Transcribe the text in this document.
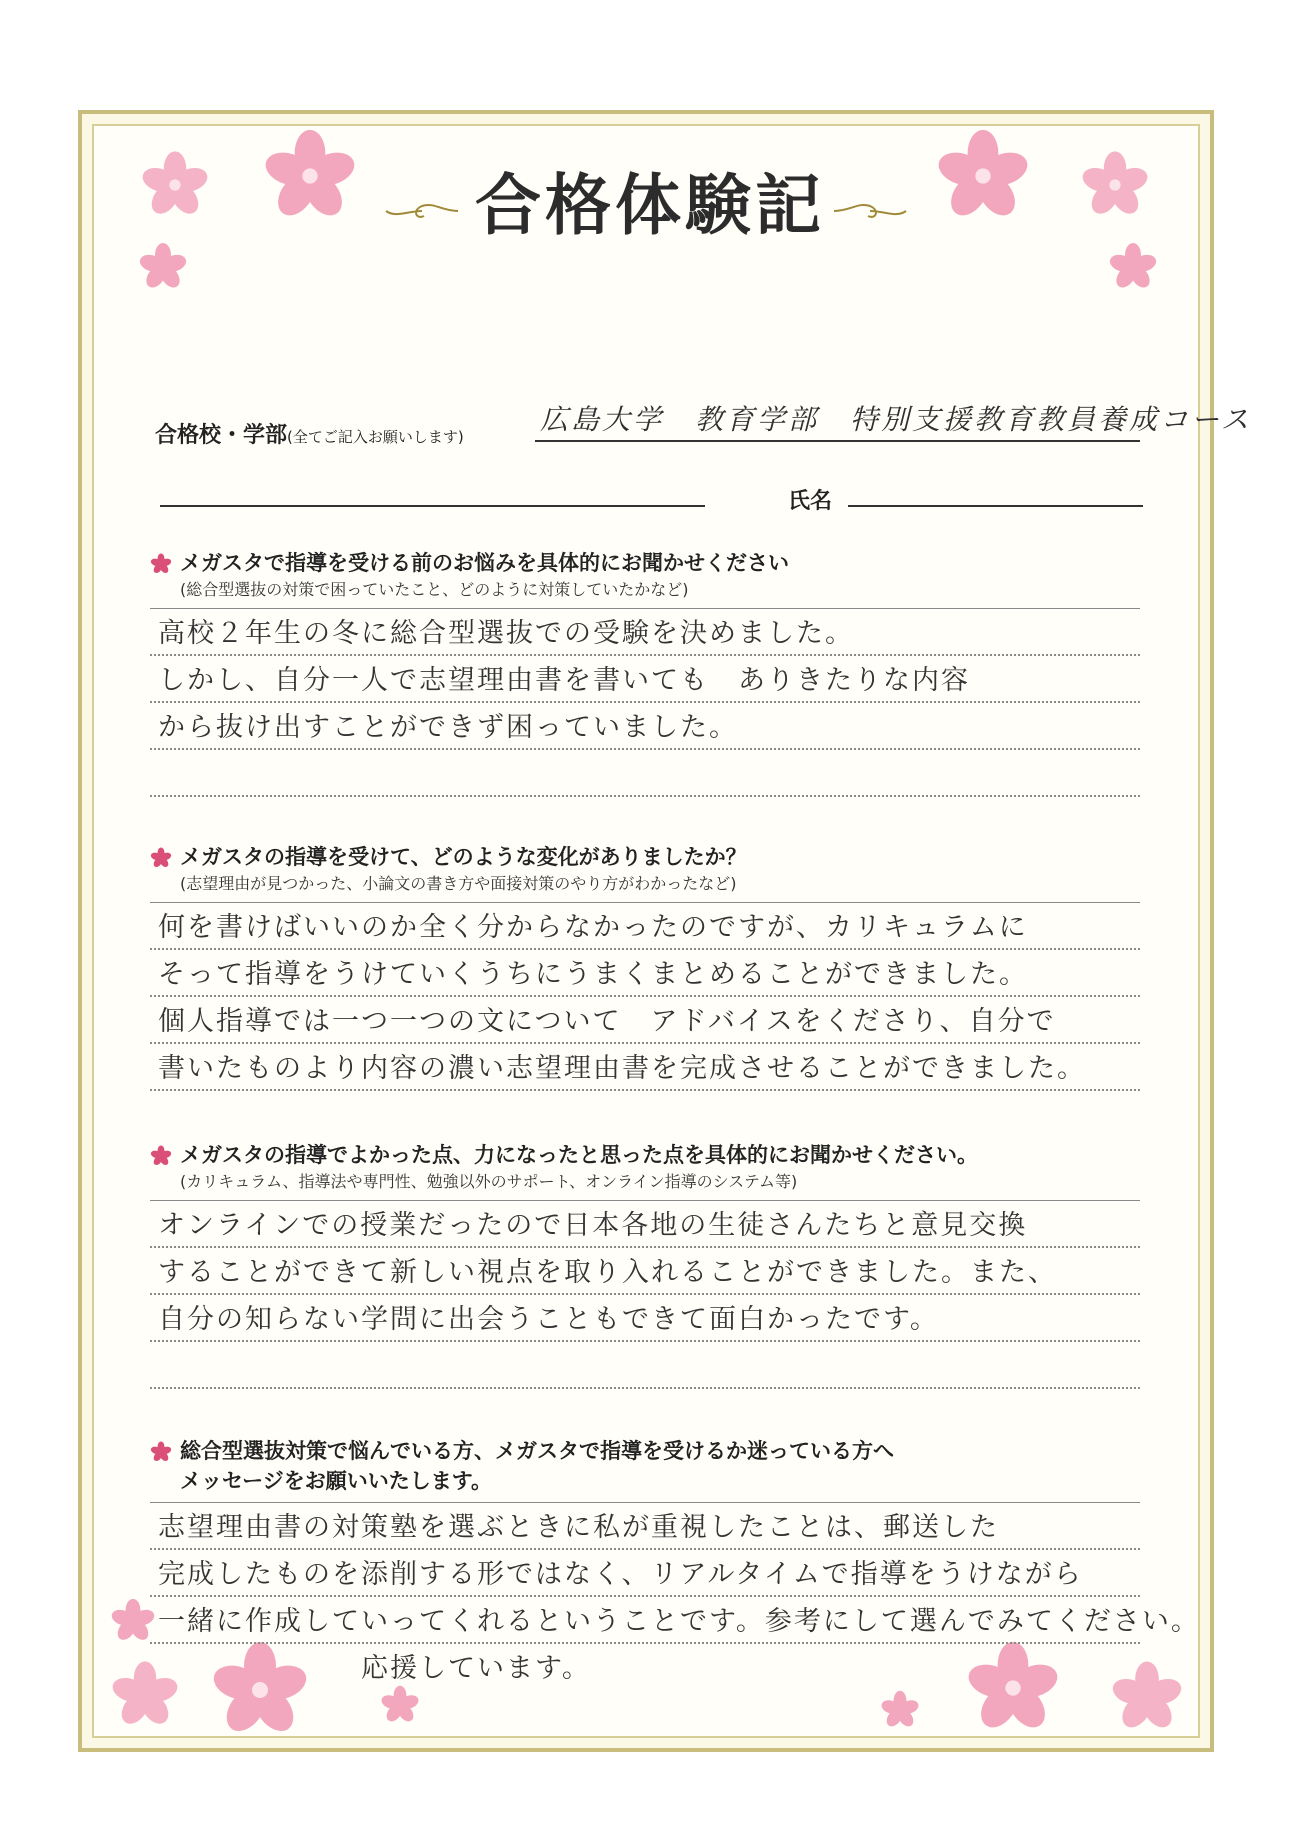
合格体験記
合格校・学部(全てご記入お願いします)
広島大学　教育学部　特別支援教育教員養成コース
氏名
メガスタで指導を受ける前のお悩みを具体的にお聞かせください
(総合型選抜の対策で困っていたこと、どのように対策していたかなど)
高校２年生の冬に総合型選抜での受験を決めました。
しかし、自分一人で志望理由書を書いても　ありきたりな内容
から抜け出すことができず困っていました。
メガスタの指導を受けて、どのような変化がありましたか？
(志望理由が見つかった、小論文の書き方や面接対策のやり方がわかったなど)
何を書けばいいのか全く分からなかったのですが、カリキュラムに
そって指導をうけていくうちにうまくまとめることができました。
個人指導では一つ一つの文について　アドバイスをくださり、自分で
書いたものより内容の濃い志望理由書を完成させることができました。
メガスタの指導でよかった点、力になったと思った点を具体的にお聞かせください。
(カリキュラム、指導法や専門性、勉強以外のサポート、オンライン指導のシステム等)
オンラインでの授業だったので日本各地の生徒さんたちと意見交換
することができて新しい視点を取り入れることができました。また、
自分の知らない学問に出会うこともできて面白かったです。
総合型選抜対策で悩んでいる方、メガスタで指導を受けるか迷っている方へ
メッセージをお願いいたします。
志望理由書の対策塾を選ぶときに私が重視したことは、郵送した
完成したものを添削する形ではなく、リアルタイムで指導をうけながら
一緒に作成していってくれるということです。参考にして選んでみてください。
　　　　　　　応援しています。
